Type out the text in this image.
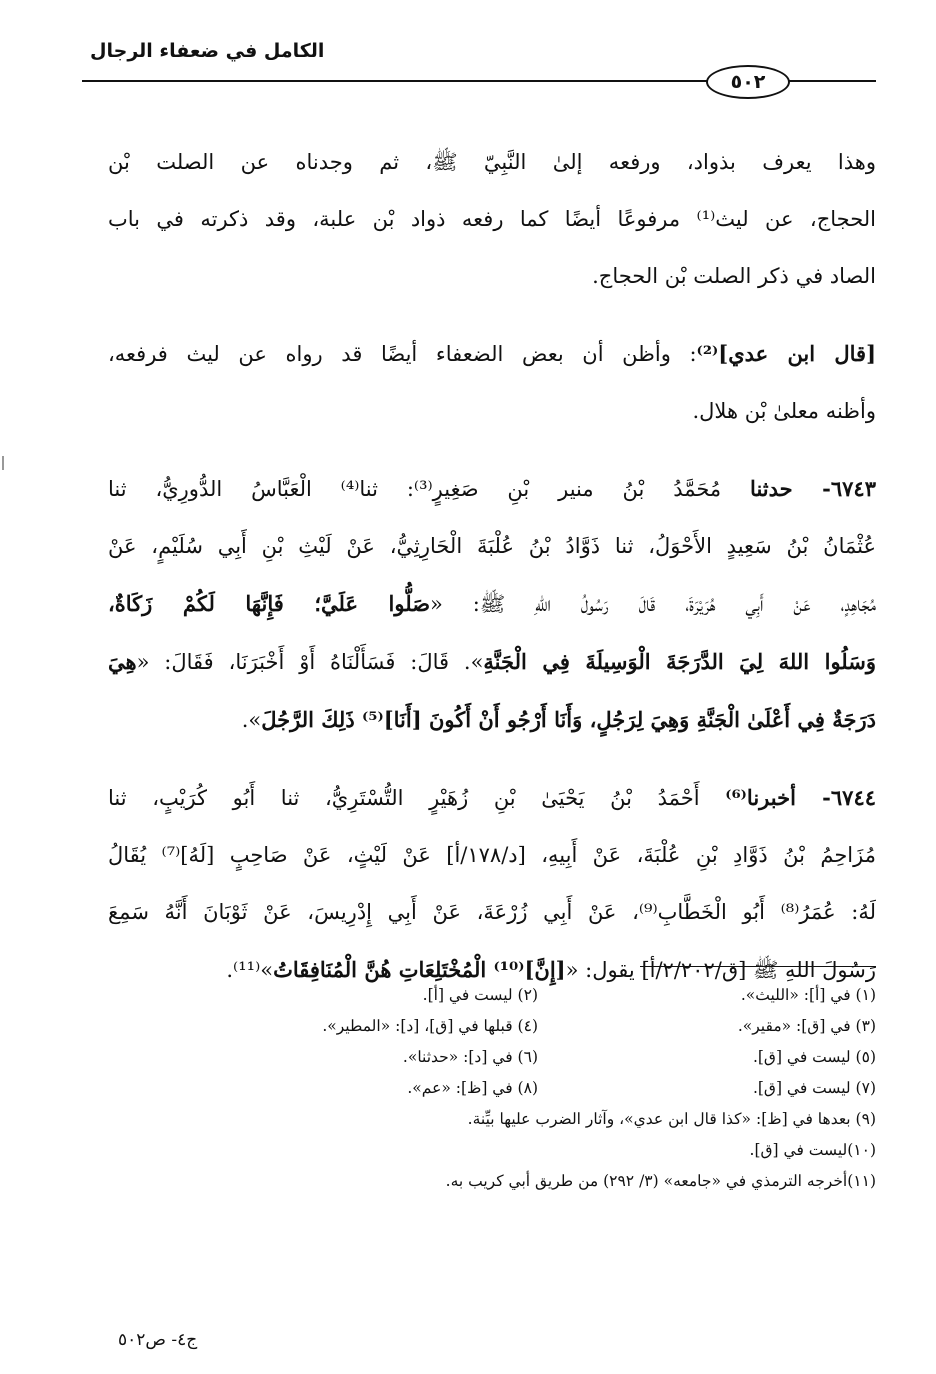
الكامل في ضعفاء الرجال
٥٠٢
وهذا يعرف بذواد، ورفعه إلىٰ النَّبِيّ ﷺ، ثم وجدناه عن الصلت بْن
الحجاج، عن ليث⁽¹⁾ مرفوعًا أيضًا كما رفعه ذواد بْن علبة، وقد ذكرته في باب
الصاد في ذكر الصلت بْن الحجاج.
[قال ابن عدي]⁽²⁾: وأظن أن بعض الضعفاء أيضًا قد رواه عن ليث فرفعه،
وأظنه معلىٰ بْن هلال.
٦٧٤٣- حدثنا مُحَمَّدُ بْنُ منير بْنِ صَغِيرٍ⁽³⁾: ثنا⁽⁴⁾ الْعَبَّاسُ الدُّورِيُّ، ثنا
عُثْمَانُ بْنُ سَعِيدٍ الأَحْوَلُ، ثنا ذَوَّادُ بْنُ عُلْبَةَ الْحَارِثِيُّ، عَنْ لَيْثِ بْنِ أَبِي سُلَيْمٍ، عَنْ
مُجَاهِدٍ، عَنْ أَبِي هُرَيْرَةَ، قَالَ رَسُولُ اللهِ ﷺ: «صَلُّوا عَلَيَّ؛ فَإِنَّهَا لَكُمْ زَكَاةٌ،
وَسَلُوا اللهَ لِيَ الدَّرَجَةَ الْوَسِيلَةَ فِي الْجَنَّةِ». قَالَ: فَسَأَلْنَاهُ أَوْ أَخْبَرَنَا، فَقَالَ: «هِيَ
دَرَجَةٌ فِي أَعْلَىٰ الْجَنَّةِ وَهِيَ لِرَجُلٍ، وَأَنَا أَرْجُو أَنْ أَكُونَ [أَنَا]⁽⁵⁾ ذَلِكَ الرَّجُلَ».
٦٧٤٤- أخبرنا⁽⁶⁾ أَحْمَدُ بْنُ يَحْيَىٰ بْنِ زُهَيْرٍ التُّسْتَرِيُّ، ثنا أَبُو كُرَيْبٍ، ثنا
مُزَاحِمُ بْنُ ذَوَّادِ بْنِ عُلْبَةَ، عَنْ أَبِيهِ، [د/١٧٨/أ] عَنْ لَيْثٍ، عَنْ صَاحِبٍ [لَهُ]⁽⁷⁾ يُقَالُ
لَهُ: عُمَرُ⁽⁸⁾ أَبُو الْخَطَّابِ⁽⁹⁾، عَنْ أَبِي زُرْعَةَ، عَنْ أَبِي إِدْرِيسَ، عَنْ ثَوْبَانَ أَنَّهُ سَمِعَ
رَسُولَ اللهِ ﷺ [ق/٢/٢٠٢/أ] يقول: «[إِنَّ]⁽¹⁰⁾ الْمُخْتَلِعَاتِ هُنَّ الْمُنَافِقَاتُ»⁽¹¹⁾.
(١) في [أ]: «الليث».
(٢) ليست في [أ].
(٣) في [ق]: «مقير».
(٤) قبلها في [ق]، [د]: «المطير».
(٥) ليست في [ق].
(٦) في [د]: «حدثنا».
(٧) ليست في [ق].
(٨) في [ظ]: «عم».
(٩) بعدها في [ظ]: «كذا قال ابن عدي»، وآثار الضرب عليها بيِّنة.
(١٠)ليست في [ق].
(١١)أخرجه الترمذي في «جامعه» (٣/ ٢٩٢) من طريق أبي كريب به.
ج٤- ص٥٠٢
